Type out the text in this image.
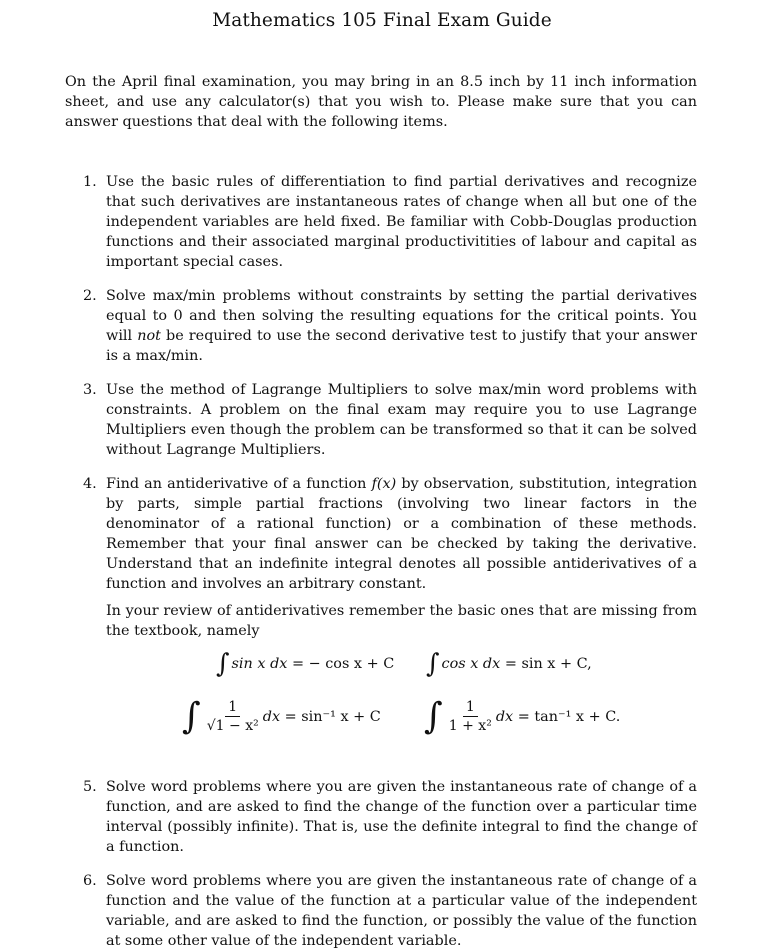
Mathematics 105 Final Exam Guide

On the April final examination, you may bring in an 8.5 inch by 11 inch information sheet, and use any calculator(s) that you wish to. Please make sure that you can answer questions that deal with the following items.

1. Use the basic rules of differentiation to find partial derivatives and recognize that such derivatives are instantaneous rates of change when all but one of the independent variables are held fixed. Be familiar with Cobb-Douglas production functions and their associated marginal productivitities of labour and capital as important special cases.

2. Solve max/min problems without constraints by setting the partial derivatives equal to 0 and then solving the resulting equations for the critical points. You will not be required to use the second derivative test to justify that your answer is a max/min.

3. Use the method of Lagrange Multipliers to solve max/min word problems with constraints. A problem on the final exam may require you to use Lagrange Multipliers even though the problem can be transformed so that it can be solved without Lagrange Multipliers.

4. Find an antiderivative of a function f(x) by observation, substitution, integration by parts, simple partial fractions (involving two linear factors in the denominator of a rational function) or a combination of these methods. Remember that your final answer can be checked by taking the derivative. Understand that an indefinite integral denotes all possible antiderivatives of a function and involves an arbitrary constant.

In your review of antiderivatives remember the basic ones that are missing from the textbook, namely

∫ sin x dx
= − cos x + C ∫ cos x dx
= sin x + C,
∫ $\frac{1}{\text{√1 − x²}}$ dx
= sin⁻¹ x + C ∫ $\frac{1}{\text{1 + x²}}$ dx
= tan⁻¹ x + C.
5. Solve word problems where you are given the instantaneous rate of change of a function, and are asked to find the change of the function over a particular time interval (possibly infinite). That is, use the definite integral to find the change of a function.

6. Solve word problems where you are given the instantaneous rate of change of a function and the value of the function at a particular value of the independent variable, and are asked to find the function, or possibly the value of the function at some other value of the independent variable.
